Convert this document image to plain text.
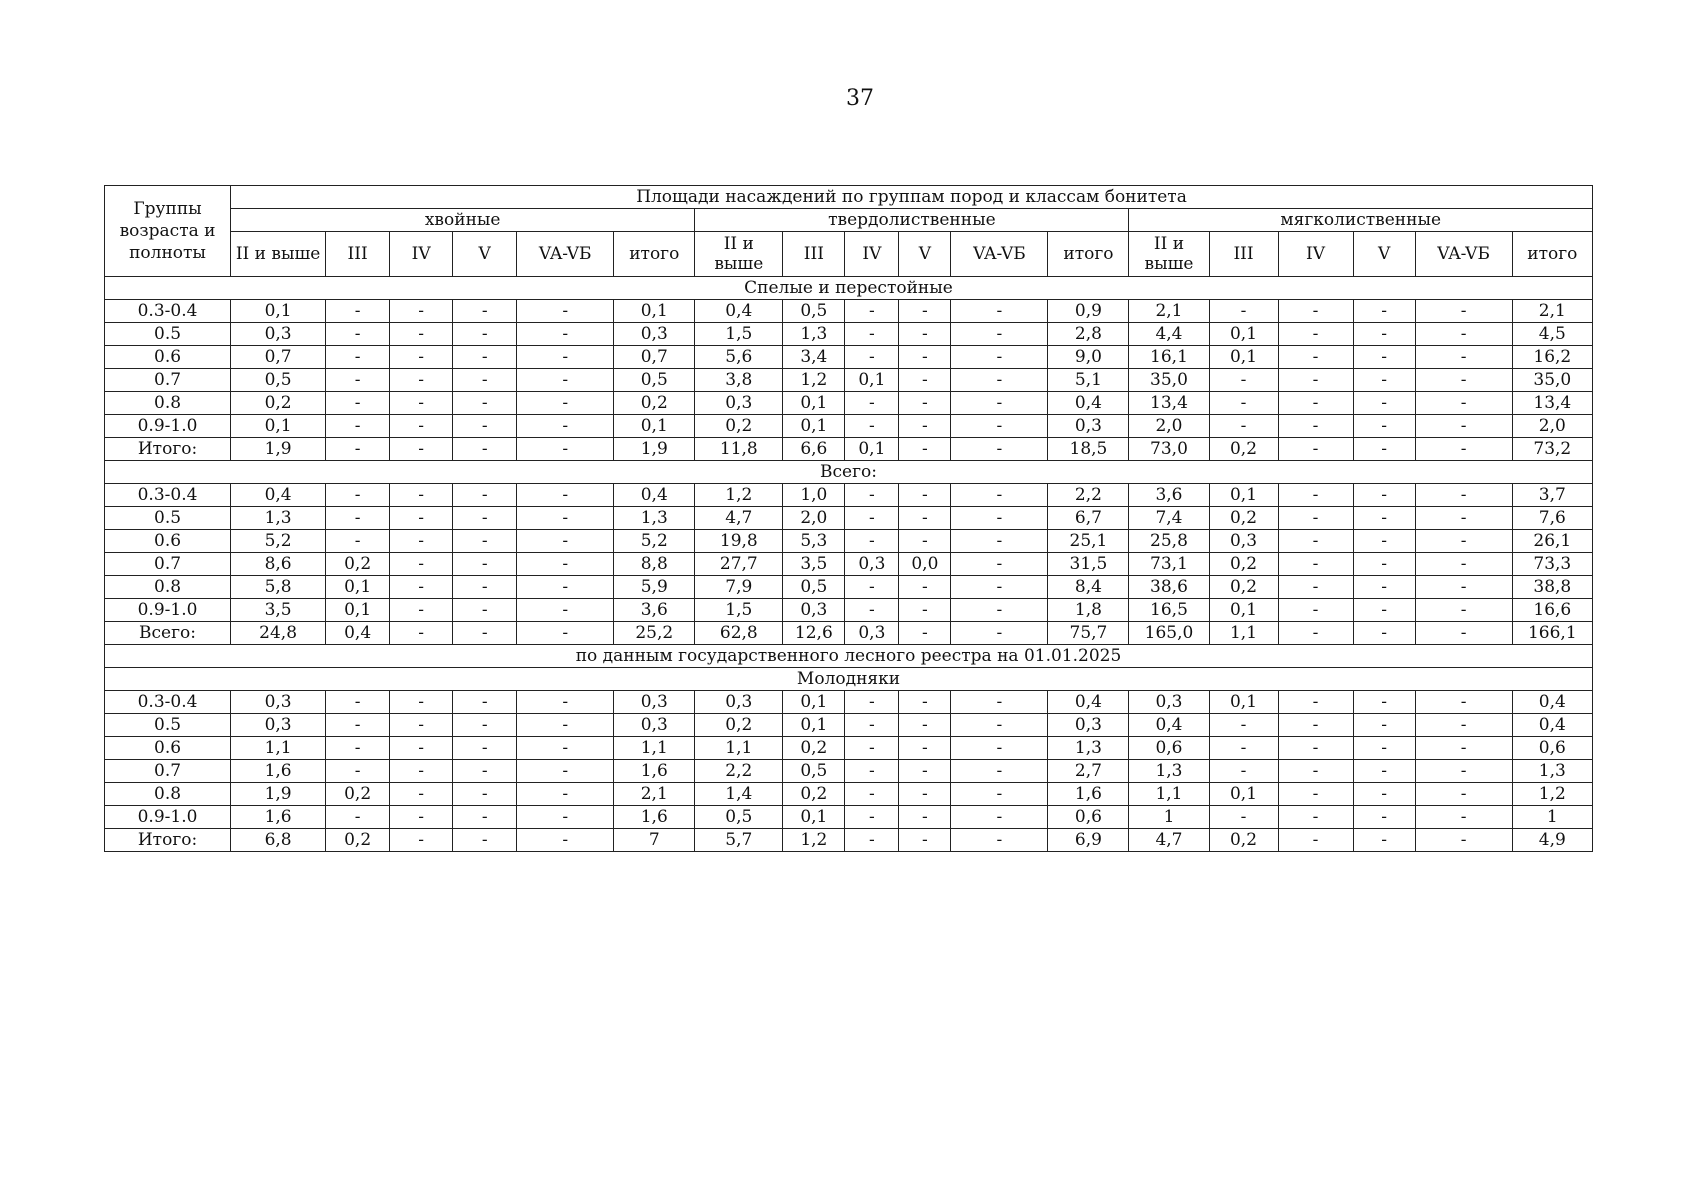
37
Группы возраста и полноты	Площади насаждений по группам пород и классам бонитета																	
	хвойные						твердолиственные						мягколиственные					
	II и выше	III	IV	V	VA-VБ	итого	II и выше	III	IV	V	VA-VБ	итого	II и выше	III	IV	V	VA-VБ	итого
Спелые и перестойные																		
0.3-0.4	0,1	-	-	-	-	0,1	0,4	0,5	-	-	-	0,9	2,1	-	-	-	-	2,1
0.5	0,3	-	-	-	-	0,3	1,5	1,3	-	-	-	2,8	4,4	0,1	-	-	-	4,5
0.6	0,7	-	-	-	-	0,7	5,6	3,4	-	-	-	9,0	16,1	0,1	-	-	-	16,2
0.7	0,5	-	-	-	-	0,5	3,8	1,2	0,1	-	-	5,1	35,0	-	-	-	-	35,0
0.8	0,2	-	-	-	-	0,2	0,3	0,1	-	-	-	0,4	13,4	-	-	-	-	13,4
0.9-1.0	0,1	-	-	-	-	0,1	0,2	0,1	-	-	-	0,3	2,0	-	-	-	-	2,0
Итого:	1,9	-	-	-	-	1,9	11,8	6,6	0,1	-	-	18,5	73,0	0,2	-	-	-	73,2
Всего:																		
0.3-0.4	0,4	-	-	-	-	0,4	1,2	1,0	-	-	-	2,2	3,6	0,1	-	-	-	3,7
0.5	1,3	-	-	-	-	1,3	4,7	2,0	-	-	-	6,7	7,4	0,2	-	-	-	7,6
0.6	5,2	-	-	-	-	5,2	19,8	5,3	-	-	-	25,1	25,8	0,3	-	-	-	26,1
0.7	8,6	0,2	-	-	-	8,8	27,7	3,5	0,3	0,0	-	31,5	73,1	0,2	-	-	-	73,3
0.8	5,8	0,1	-	-	-	5,9	7,9	0,5	-	-	-	8,4	38,6	0,2	-	-	-	38,8
0.9-1.0	3,5	0,1	-	-	-	3,6	1,5	0,3	-	-	-	1,8	16,5	0,1	-	-	-	16,6
Всего:	24,8	0,4	-	-	-	25,2	62,8	12,6	0,3	-	-	75,7	165,0	1,1	-	-	-	166,1
по данным государственного лесного реестра на 01.01.2025																		
Молодняки																		
0.3-0.4	0,3	-	-	-	-	0,3	0,3	0,1	-	-	-	0,4	0,3	0,1	-	-	-	0,4
0.5	0,3	-	-	-	-	0,3	0,2	0,1	-	-	-	0,3	0,4	-	-	-	-	0,4
0.6	1,1	-	-	-	-	1,1	1,1	0,2	-	-	-	1,3	0,6	-	-	-	-	0,6
0.7	1,6	-	-	-	-	1,6	2,2	0,5	-	-	-	2,7	1,3	-	-	-	-	1,3
0.8	1,9	0,2	-	-	-	2,1	1,4	0,2	-	-	-	1,6	1,1	0,1	-	-	-	1,2
0.9-1.0	1,6	-	-	-	-	1,6	0,5	0,1	-	-	-	0,6	1	-	-	-	-	1
Итого:	6,8	0,2	-	-	-	7	5,7	1,2	-	-	-	6,9	4,7	0,2	-	-	-	4,9
